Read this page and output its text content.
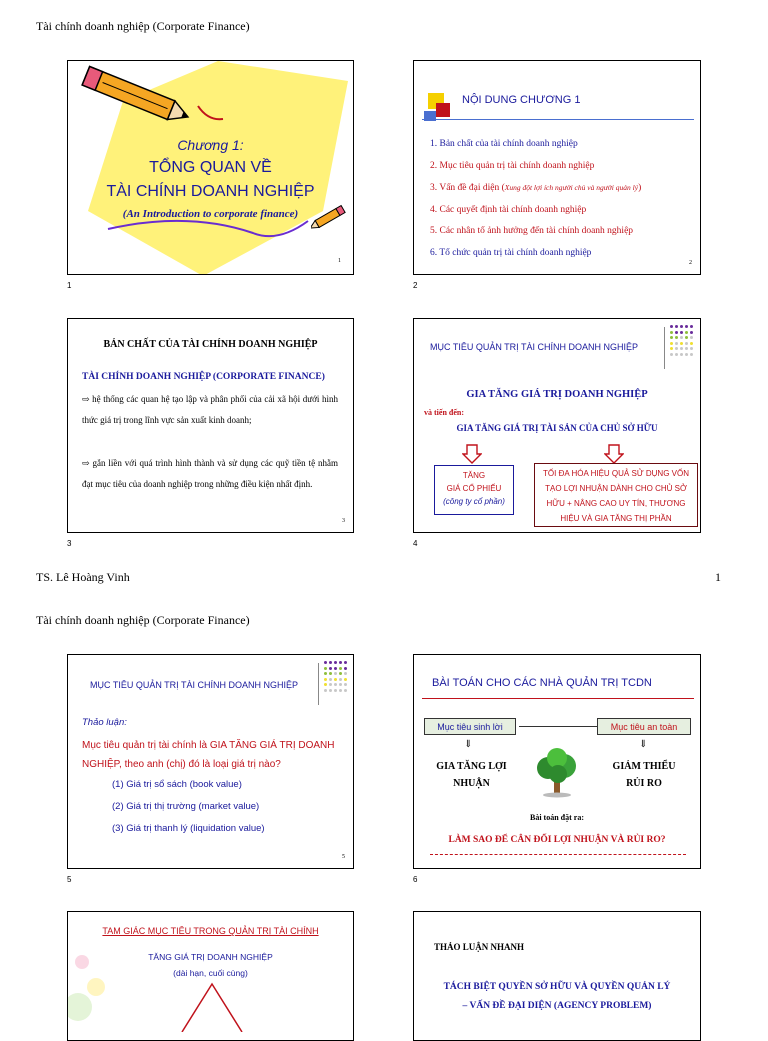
Tài chính doanh nghiệp (Corporate Finance)
Chương 1:
TỔNG QUAN VỀ
TÀI CHÍNH DOANH NGHIỆP
(An Introduction to corporate finance)
1
1
NỘI DUNG CHƯƠNG 1
1. Bản chất của tài chính doanh nghiệp
2. Mục tiêu quản trị tài chính doanh nghiệp
3. Vấn đề đại diện (Xung đột lợi ích người chủ và người quản lý)
4. Các quyết định tài chính doanh nghiệp
5. Các nhân tố ảnh hưởng đến tài chính doanh nghiệp
6. Tổ chức quản trị tài chính doanh nghiệp
2
2
BẢN CHẤT CỦA TÀI CHÍNH DOANH NGHIỆP
TÀI CHÍNH DOANH NGHIỆP (CORPORATE FINANCE)
⇨ hệ thống các quan hệ tạo lập và phân phối của cải xã hội dưới hình thức giá trị trong lĩnh vực sản xuất kinh doanh;
⇨ gắn liền với quá trình hình thành và sử dụng các quỹ tiền tệ nhằm đạt mục tiêu của doanh nghiệp trong những điều kiện nhất định.
3
3
MỤC TIÊU QUẢN TRỊ TÀI CHÍNH DOANH NGHIỆP
GIA TĂNG GIÁ TRỊ DOANH NGHIỆP
và tiến đến:
GIA TĂNG GIÁ TRỊ TÀI SẢN CỦA CHỦ SỞ HỮU
TĂNG
GIÁ CỔ PHIẾU
(công ty cổ phần)
TỐI ĐA HÓA HIỆU QUẢ SỬ DỤNG VỐN TẠO LỢI NHUẬN DÀNH CHO CHỦ SỞ HỮU + NÂNG CAO UY TÍN, THƯƠNG HIỆU VÀ GIA TĂNG THỊ PHẦN
4
TS. Lê Hoàng Vinh	1
Tài chính doanh nghiệp (Corporate Finance)
MỤC TIÊU QUẢN TRỊ TÀI CHÍNH DOANH NGHIỆP
Thảo luận:
Mục tiêu quản trị tài chính là GIA TĂNG GIÁ TRỊ DOANH NGHIỆP, theo anh (chị) đó là loại giá trị nào?
(1) Giá trị sổ sách (book value)
(2) Giá trị thị trường (market value)
(3) Giá trị thanh lý (liquidation value)
5
5
BÀI TOÁN CHO CÁC NHÀ QUẢN TRỊ TCDN
Mục tiêu sinh lời	Mục tiêu an toàn
⇓	⇓
GIA TĂNG LỢI
NHUẬN
GIẢM THIỂU
RỦI RO
Bài toán đặt ra:
LÀM SAO ĐỂ CÂN ĐỐI LỢI NHUẬN VÀ RỦI RO?
6
TAM GIÁC MỤC TIÊU TRONG QUẢN TRỊ TÀI CHÍNH
TĂNG GIÁ TRỊ DOANH NGHIỆP
(dài hạn, cuối cùng)
THẢO LUẬN NHANH
TÁCH BIỆT QUYỀN SỞ HỮU VÀ QUYỀN QUẢN LÝ
– VẤN ĐỀ ĐẠI DIỆN (AGENCY PROBLEM)
